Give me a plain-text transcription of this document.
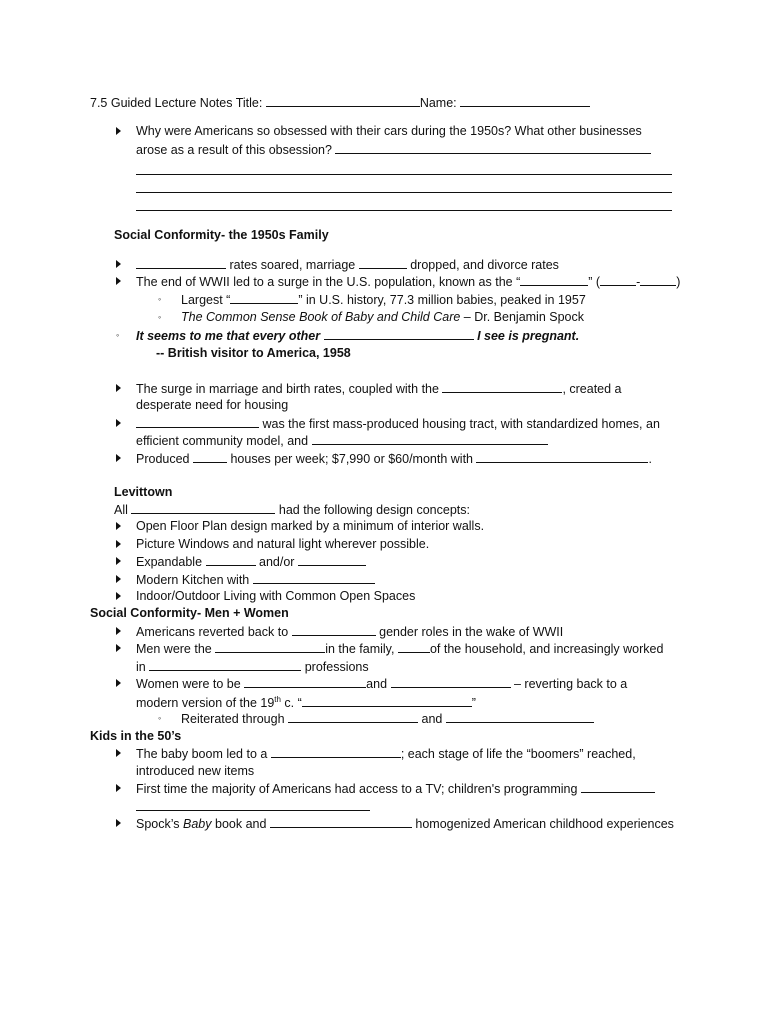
7.5 Guided Lecture Notes Title:	Name:
Why were Americans so obsessed with their cars during the 1950s? What other businesses
arose as a result of this obsession?
Social Conformity- the 1950s Family
rates soared, marriage	dropped, and divorce rates
The end of WWII led to a surge in the U.S. population, known as the “	” (	-	)
◦ Largest “	” in U.S. history, 77.3 million babies, peaked in 1957
◦ The Common Sense Book of Baby and Child Care – Dr. Benjamin Spock
◦ It seems to me that every other	I see is pregnant.
-- British visitor to America, 1958
The surge in marriage and birth rates, coupled with the	, created a
desperate need for housing
was the first mass-produced housing tract, with standardized homes, an
efficient community model, and
Produced	houses per week; $7,990 or $60/month with	.
Levittown
All	had the following design concepts:
Open Floor Plan design marked by a minimum of interior walls.
Picture Windows and natural light wherever possible.
Expandable	and/or
Modern Kitchen with
Indoor/Outdoor Living with Common Open Spaces
Social Conformity- Men + Women
Americans reverted back to	gender roles in the wake of WWII
Men were the	in the family,	of the household, and increasingly worked
in	professions
Women were to be	and	– reverting back to a
modern version of the 19th c. “	”
◦ Reiterated through	and
Kids in the 50’s
The baby boom led to a	; each stage of life the “boomers” reached,
introduced new items
First time the majority of Americans had access to a TV; children's programming
Spock’s Baby book and	homogenized American childhood experiences
